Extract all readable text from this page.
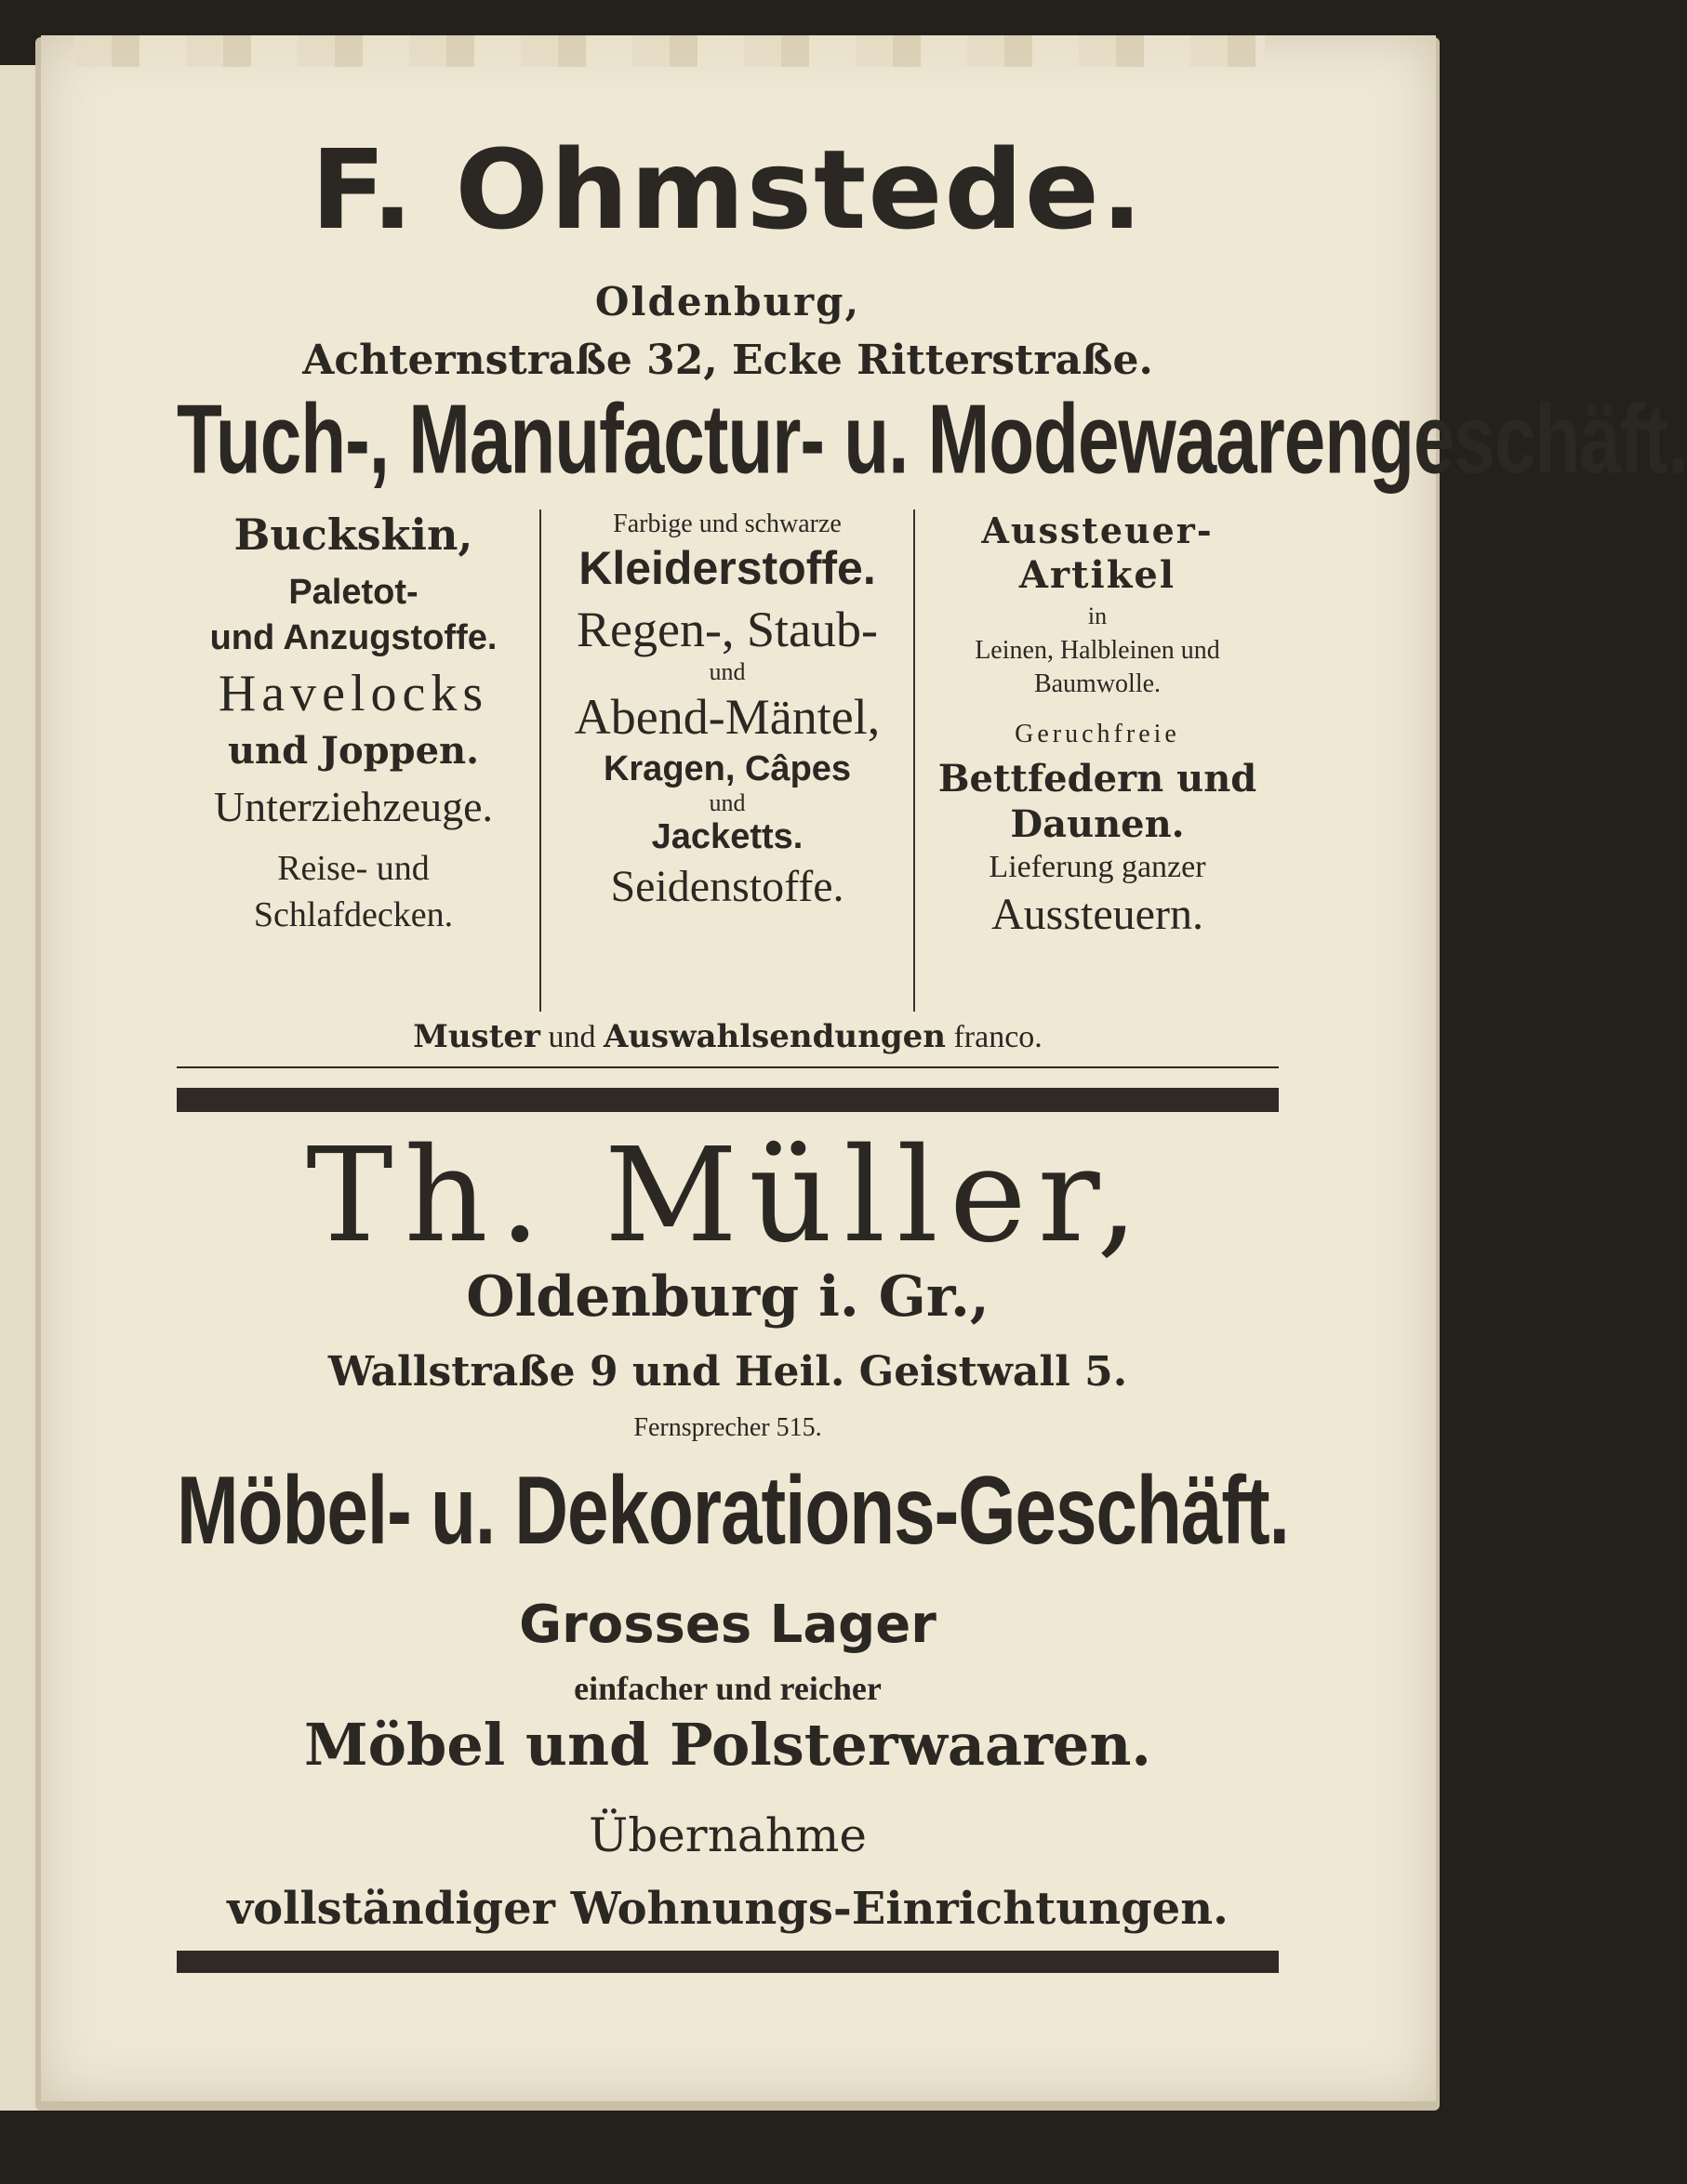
F. Ohmstede.
Oldenburg,
Achternstraße 32, Ecke Ritterstraße.
Tuch-, Manufactur- u. Modewaarengeschäft.
Buckskin,
Paletot-
und Anzugstoffe.
Havelocks
und Joppen.
Unterziehzeuge.
Reise- und
Schlafdecken.
Farbige und schwarze
Kleiderstoffe.
Regen-, Staub-
und
Abend-Mäntel,
Kragen, Câpes
und
Jacketts.
Seidenstoffe.
Aussteuer-
Artikel
in
Leinen, Halbleinen und
Baumwolle.
Geruchfreie
Bettfedern und
Daunen.
Lieferung ganzer
Aussteuern.
Muster und Auswahlsendungen franco.
Th. Müller,
Oldenburg i. Gr.,
Wallstraße 9 und Heil. Geistwall 5.
Fernsprecher 515.
Möbel- u. Dekorations-Geschäft.
Grosses Lager
einfacher und reicher
Möbel und Polsterwaaren.
Übernahme
vollständiger Wohnungs-Einrichtungen.
